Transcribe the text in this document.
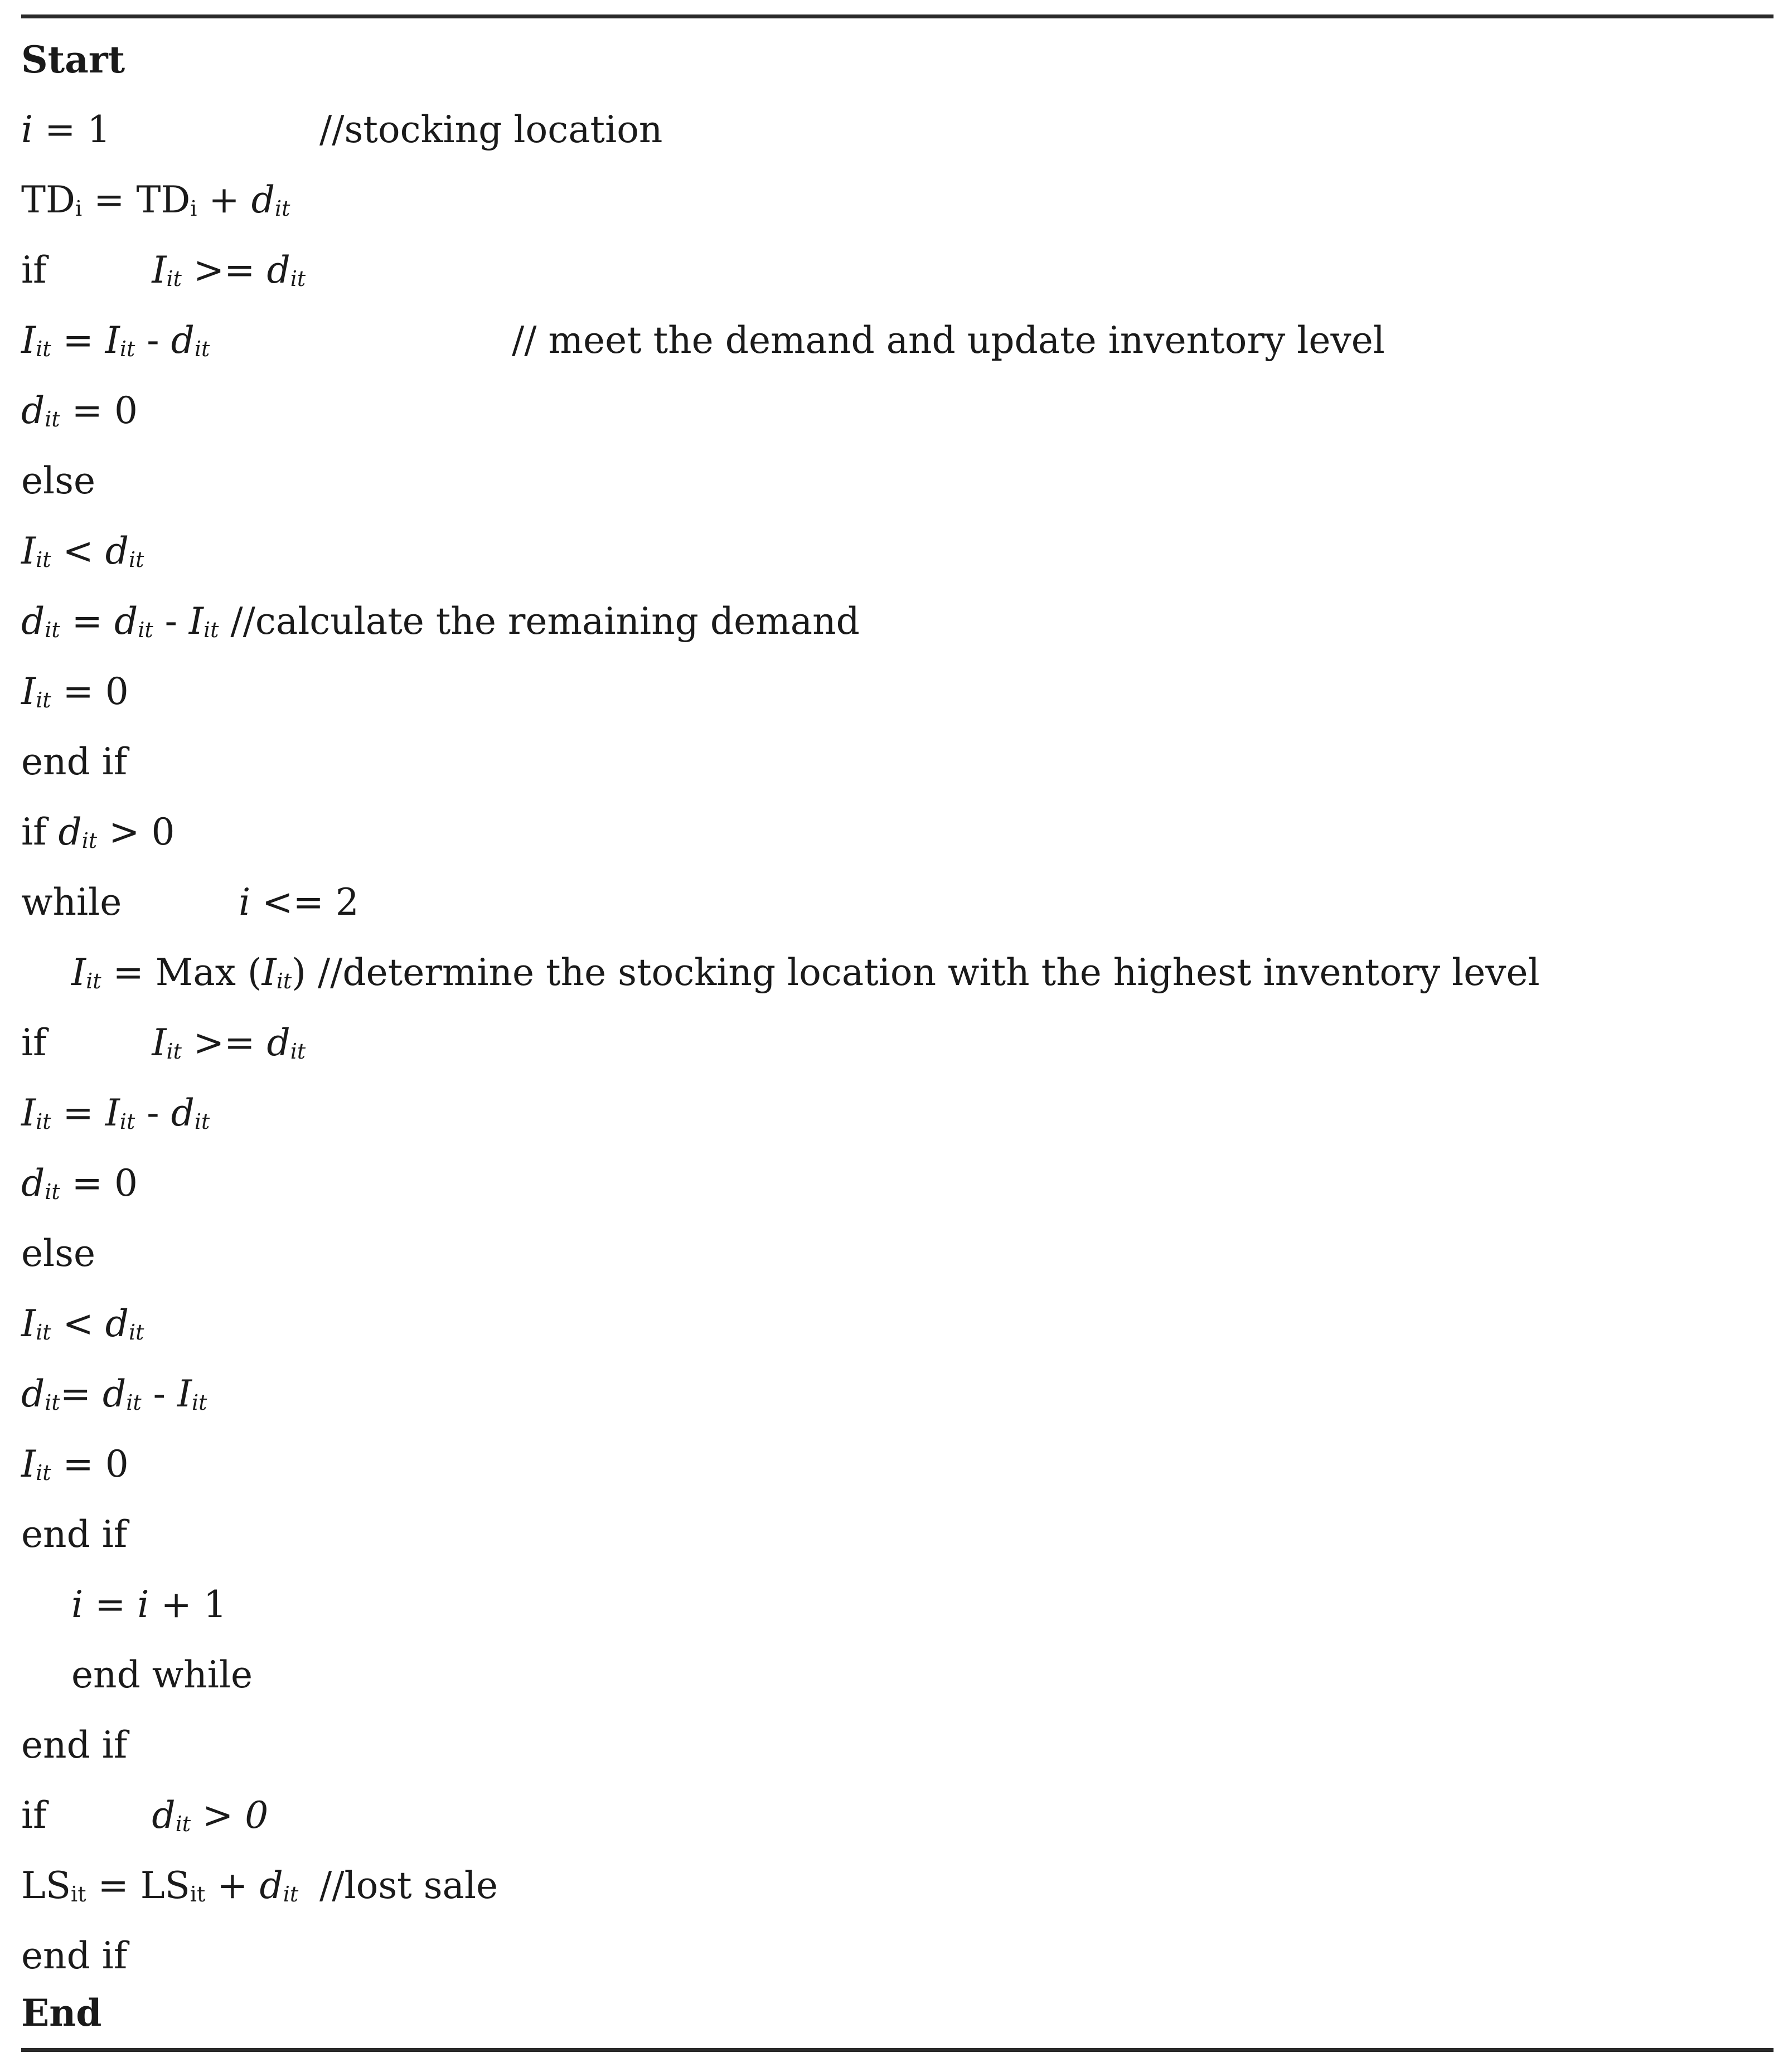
Start
i = 1	//stocking location
TDi = TDi + dit
if         Iit >= dit
Iit = Iit - dit	// meet the demand and update inventory level
dit = 0
else
Iit < dit
dit = dit - Iit //calculate the remaining demand
Iit = 0
end if
if dit > 0
while	i <= 2
Iit = Max (Iit) //determine the stocking location with the highest inventory level
if         Iit >= dit
Iit = Iit - dit
dit = 0
else
Iit < dit
dit= dit - Iit
Iit = 0
end if
i = i + 1
end while
end if
if         dit > 0
LSit = LSit + dit //lost sale
end if
End
